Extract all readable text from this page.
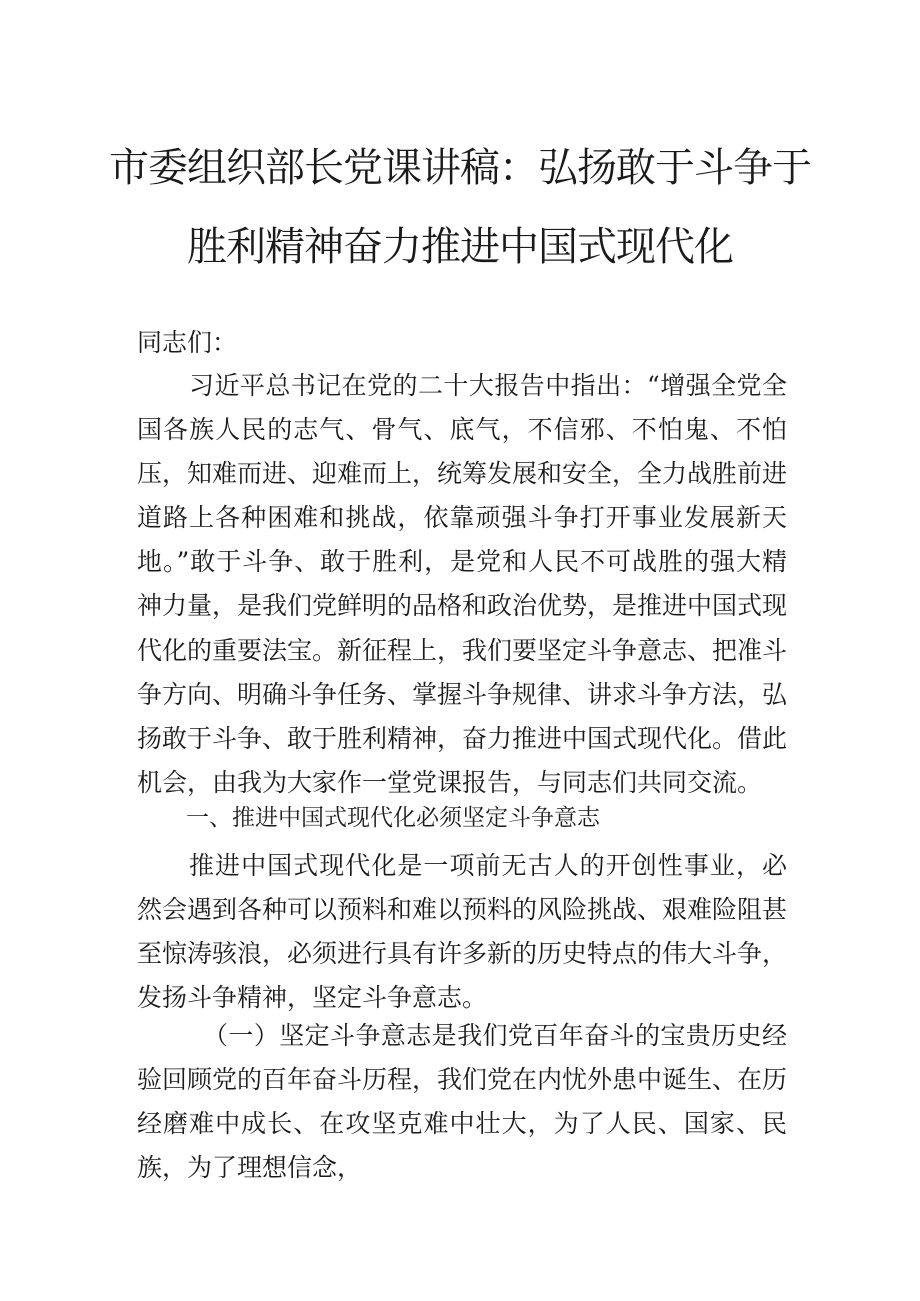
市委组织部长党课讲稿：弘扬敢于斗争于
胜利精神奋力推进中国式现代化

同志们：

习近平总书记在党的二十大报告中指出：“增强全党全国各族人民的志气、骨气、底气，不信邪、不怕鬼、不怕压，知难而进、迎难而上，统筹发展和安全，全力战胜前进道路上各种困难和挑战，依靠顽强斗争打开事业发展新天地。”敢于斗争、敢于胜利，是党和人民不可战胜的强大精神力量，是我们党鲜明的品格和政治优势，是推进中国式现代化的重要法宝。新征程上，我们要坚定斗争意志、把准斗争方向、明确斗争任务、掌握斗争规律、讲求斗争方法，弘扬敢于斗争、敢于胜利精神，奋力推进中国式现代化。借此机会，由我为大家作一堂党课报告，与同志们共同交流。

一、推进中国式现代化必须坚定斗争意志

推进中国式现代化是一项前无古人的开创性事业，必然会遇到各种可以预料和难以预料的风险挑战、艰难险阻甚至惊涛骇浪，必须进行具有许多新的历史特点的伟大斗争，发扬斗争精神，坚定斗争意志。

（一）坚定斗争意志是我们党百年奋斗的宝贵历史经验回顾党的百年奋斗历程，我们党在内忧外患中诞生、在历经磨难中成长、在攻坚克难中壮大，为了人民、国家、民族，为了理想信念，
